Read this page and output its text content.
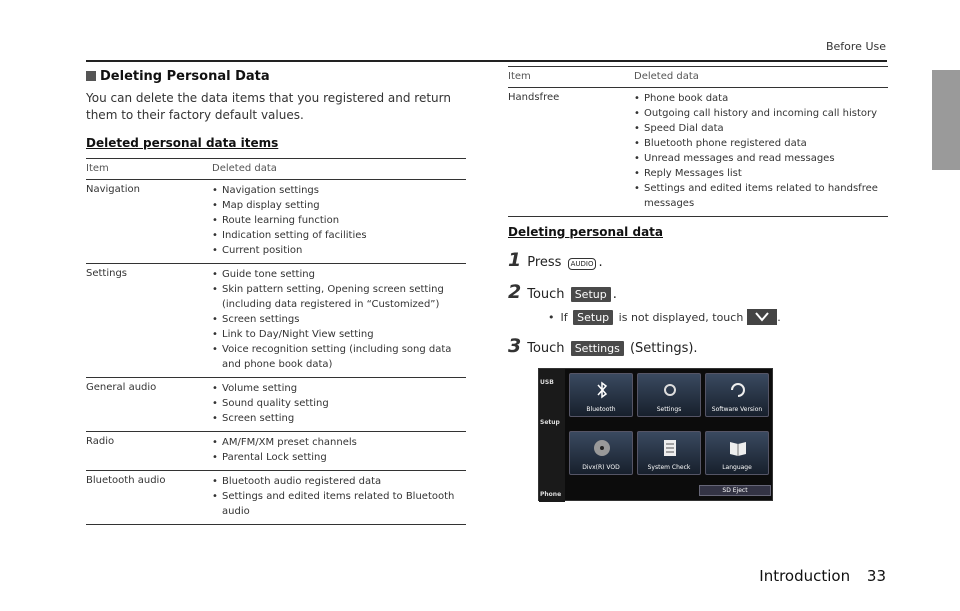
Before Use
Deleting Personal Data
You can delete the data items that you registered and return them to their factory default values.
Deleted personal data items
Item	Deleted data
Navigation	• Navigation settings
• Map display setting
• Route learning function
• Indication setting of facilities
• Current position
Settings	• Guide tone setting
• Skin pattern setting, Opening screen setting (including data registered in “Customized”)
• Screen settings
• Link to Day/Night View setting
• Voice recognition setting (including song data and phone book data)
General audio	• Volume setting
• Sound quality setting
• Screen setting
Radio	• AM/FM/XM preset channels
• Parental Lock setting
Bluetooth audio	• Bluetooth audio registered data
• Settings and edited items related to Bluetooth audio
Item	Deleted data
Handsfree	• Phone book data
• Outgoing call history and incoming call history
• Speed Dial data
• Bluetooth phone registered data
• Unread messages and read messages
• Reply Messages list
• Settings and edited items related to handsfree messages
Deleting personal data
1 Press
	AUDIO .
2 Touch
Setup .
• If
Setup
is not displayed, touch	.
3 Touch
Settings
(Settings).
USB
Setup
Phone
Bluetooth	Settings	Software Version
Divx(R) VOD	System Check	Language
SD Eject
Introduction 33
